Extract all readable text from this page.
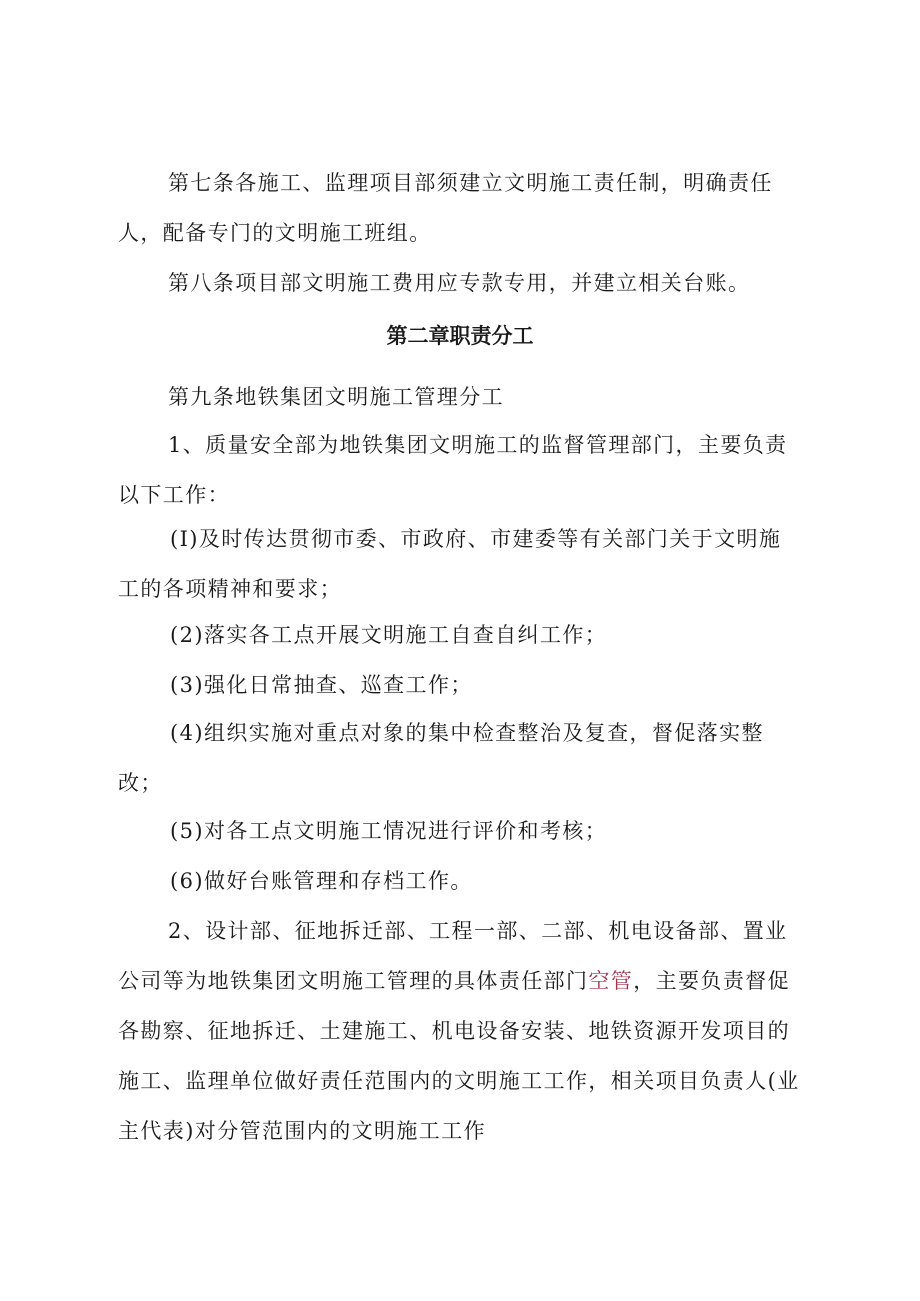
第七条各施工、监理项目部须建立文明施工责任制，明确责任人，配备专门的文明施工班组。

第八条项目部文明施工费用应专款专用，并建立相关台账。

第二章职责分工

第九条地铁集团文明施工管理分工

1、质量安全部为地铁集团文明施工的监督管理部门，主要负责以下工作：

(I)及时传达贯彻市委、市政府、市建委等有关部门关于文明施工的各项精神和要求；

(2)落实各工点开展文明施工自查自纠工作；

(3)强化日常抽查、巡查工作；

(4)组织实施对重点对象的集中检查整治及复查，督促落实整改；

(5)对各工点文明施工情况进行评价和考核；

(6)做好台账管理和存档工作。

2、设计部、征地拆迁部、工程一部、二部、机电设备部、置业公司等为地铁集团文明施工管理的具体责任部门空管，主要负责督促各勘察、征地拆迁、土建施工、机电设备安装、地铁资源开发项目的施工、监理单位做好责任范围内的文明施工工作，相关项目负责人(业主代表)对分管范围内的文明施工工作
